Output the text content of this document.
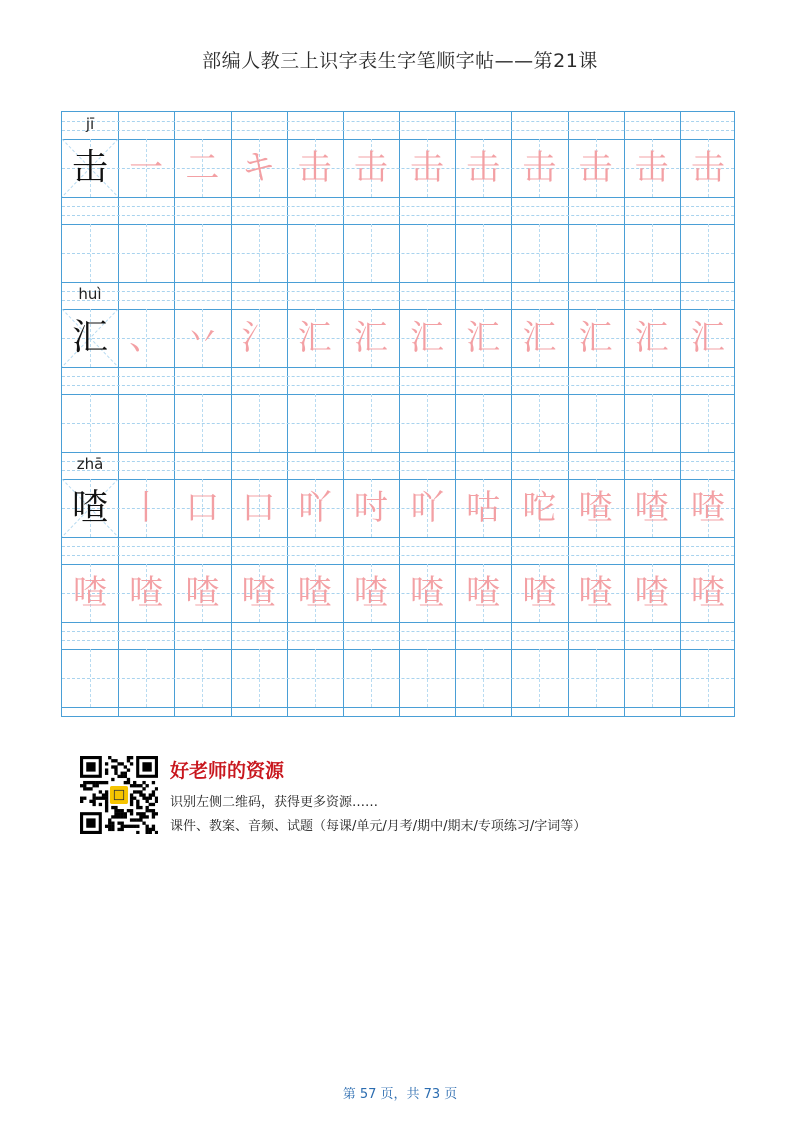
部编人教三上识字表生字笔顺字帖——第21课
jī
击 一 二 キ 击 击 击 击 击 击 击 击
huì
汇 、 丷 氵 汇 汇 汇 汇 汇 汇 汇 汇
zhā
喳 丨 口 口 吖 吋 吖 咕 咜 喳 喳 喳
喳 喳 喳 喳 喳 喳 喳 喳 喳 喳 喳 喳
好老师的资源
识别左侧二维码，获得更多资源……
课件、教案、音频、试题（每课/单元/月考/期中/期末/专项练习/字词等）
第 57 页，共 73 页
